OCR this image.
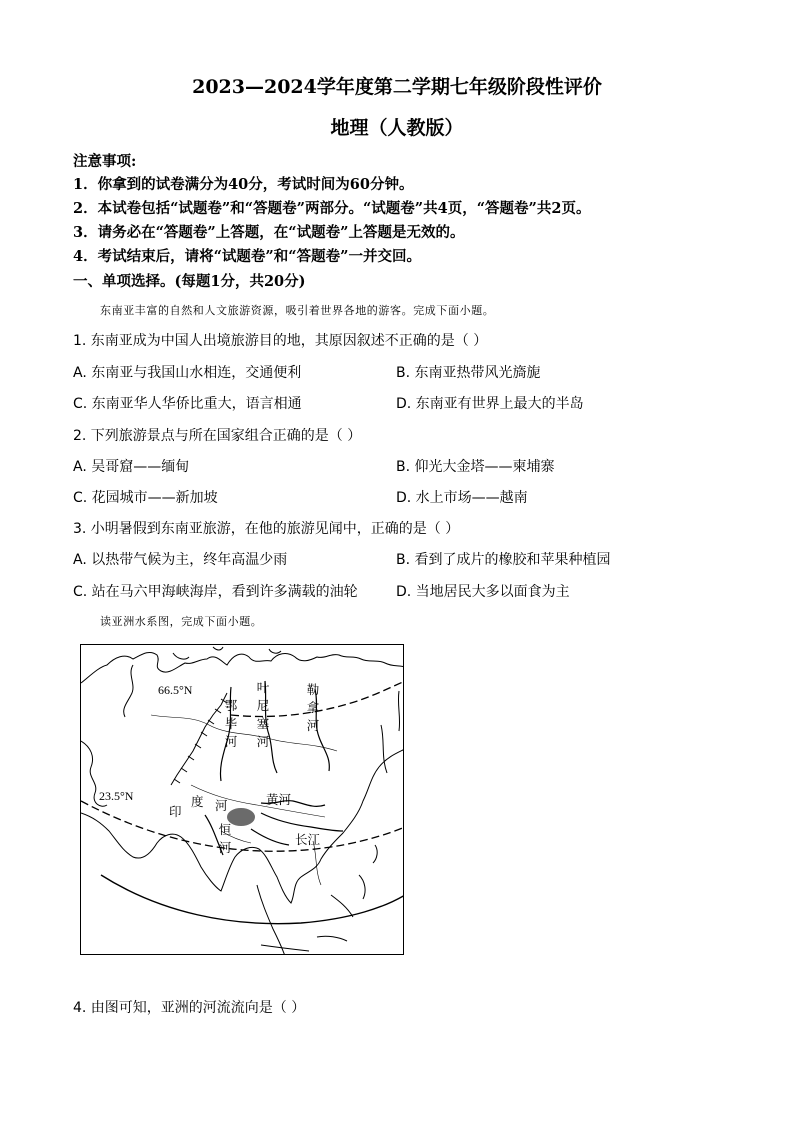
2023—2024学年度第二学期七年级阶段性评价
地理（人教版）
注意事项:
1．你拿到的试卷满分为40分，考试时间为60分钟。
2．本试卷包括“试题卷”和“答题卷”两部分。“试题卷”共4页，“答题卷”共2页。
3．请务必在“答题卷”上答题，在“试题卷”上答题是无效的。
4．考试结束后，请将“试题卷”和“答题卷”一并交回。
一、单项选择。(每题1分，共20分)
东南亚丰富的自然和人文旅游资源，吸引着世界各地的游客。完成下面小题。
1. 东南亚成为中国人出境旅游目的地，其原因叙述不正确的是（ ）
A. 东南亚与我国山水相连，交通便利	B. 东南亚热带风光旖旎
C. 东南亚华人华侨比重大，语言相通	D. 东南亚有世界上最大的半岛
2. 下列旅游景点与所在国家组合正确的是（ ）
A. 吴哥窟——缅甸	B. 仰光大金塔——柬埔寨
C. 花园城市——新加坡	D. 水上市场——越南
3. 小明暑假到东南亚旅游，在他的旅游见闻中，正确的是（ ）
A. 以热带气候为主，终年高温少雨	B. 看到了成片的橡胶和苹果种植园
C. 站在马六甲海峡海岸，看到许多满载的油轮	D. 当地居民大多以面食为主
读亚洲水系图，完成下面小题。
66.5°N
23.5°N
鄂毕河
叶尼塞河
勒拿河
印
度 河
恒河
黄河
长江
4. 由图可知，亚洲的河流流向是（ ）
